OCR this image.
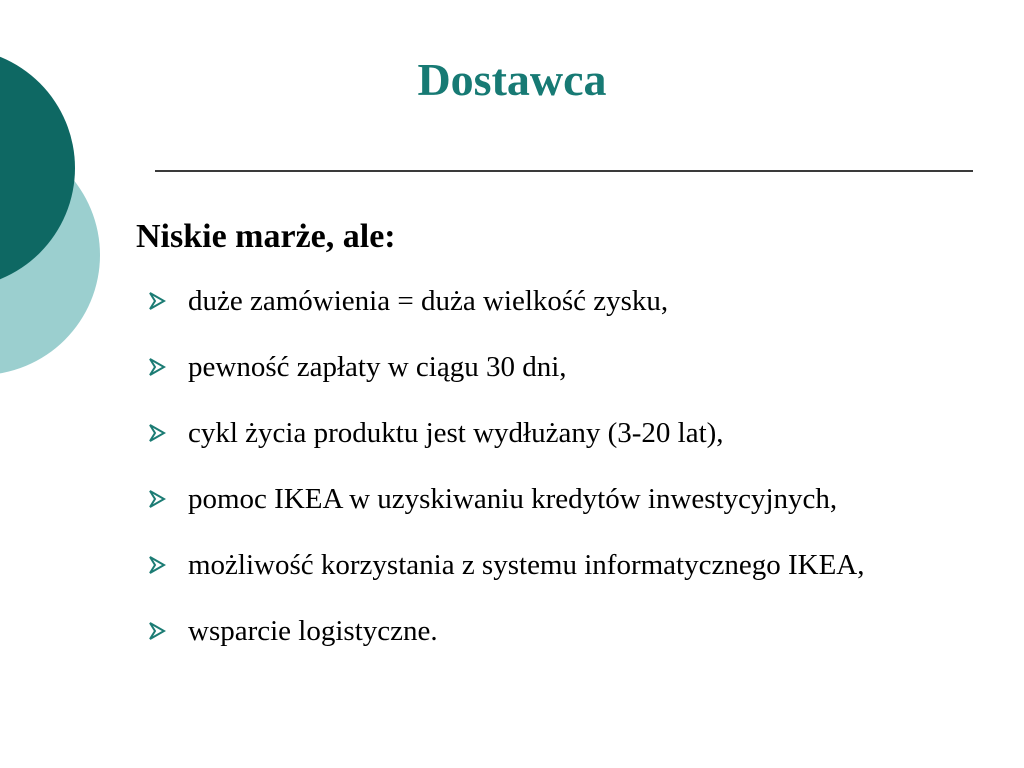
Dostawca
Niskie marże, ale:
duże zamówienia = duża wielkość zysku,
pewność zapłaty w ciągu 30 dni,
cykl życia produktu jest wydłużany (3-20 lat),
pomoc IKEA w uzyskiwaniu kredytów inwestycyjnych,
możliwość korzystania z systemu informatycznego IKEA,
wsparcie logistyczne.
